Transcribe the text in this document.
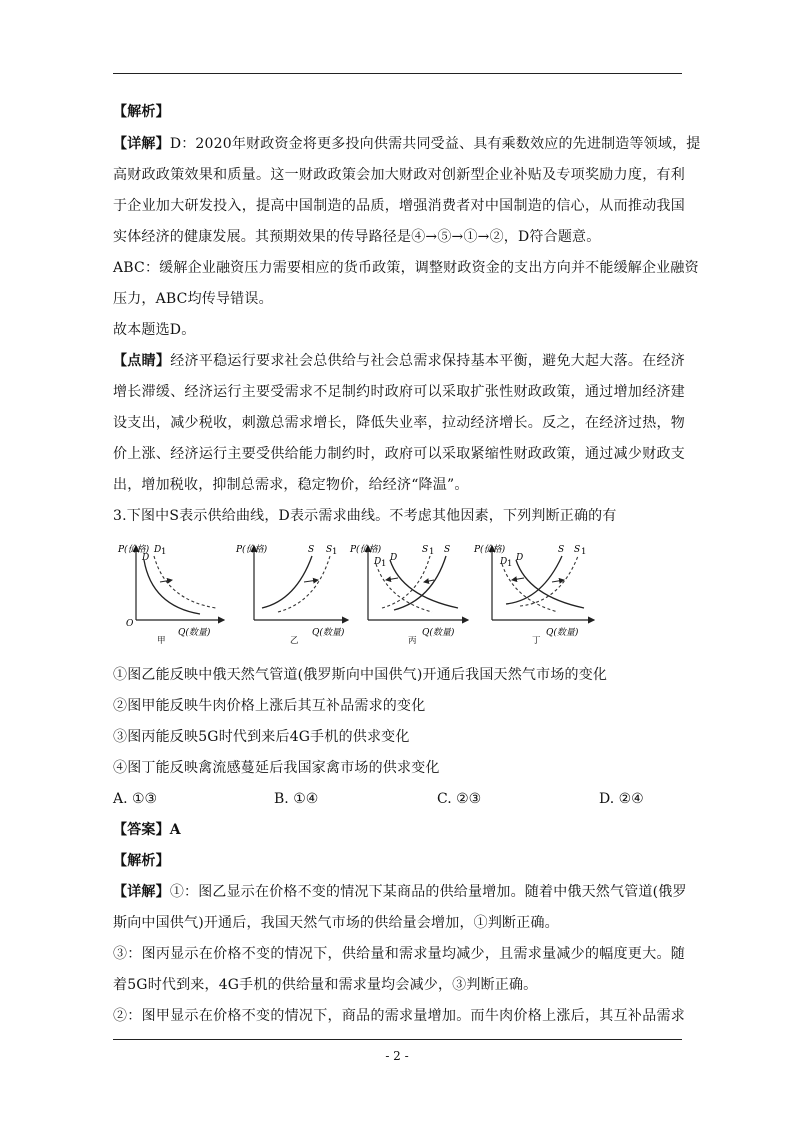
【解析】
【详解】D：2020年财政资金将更多投向供需共同受益、具有乘数效应的先进制造等领域，提
高财政政策效果和质量。这一财政政策会加大财政对创新型企业补贴及专项奖励力度，有利
于企业加大研发投入，提高中国制造的品质，增强消费者对中国制造的信心，从而推动我国
实体经济的健康发展。其预期效果的传导路径是④→⑤→①→②，D符合题意。
ABC：缓解企业融资压力需要相应的货币政策，调整财政资金的支出方向并不能缓解企业融资
压力，ABC均传导错误。
故本题选D。
【点睛】经济平稳运行要求社会总供给与社会总需求保持基本平衡，避免大起大落。在经济
增长滞缓、经济运行主要受需求不足制约时政府可以采取扩张性财政政策，通过增加经济建
设支出，减少税收，刺激总需求增长，降低失业率，拉动经济增长。反之，在经济过热，物
价上涨、经济运行主要受供给能力制约时，政府可以采取紧缩性财政政策，通过减少财政支
出，增加税收，抑制总需求，稳定物价，给经济“降温”。
3.下图中S表示供给曲线，D表示需求曲线。不考虑其他因素，下列判断正确的有
P(价格)
O
Q(数量)
甲
D
D 1	P(价格)
Q(数量)
乙
S S 1 P(价格)
Q(数量)
丙
D 1
D
S 1 S	P(价格)
Q(数量)
丁
D 1
D
S S 1
①图乙能反映中俄天然气管道(俄罗斯向中国供气)开通后我国天然气市场的变化
②图甲能反映牛肉价格上涨后其互补品需求的变化
③图丙能反映5G时代到来后4G手机的供求变化
④图丁能反映禽流感蔓延后我国家禽市场的供求变化
A. ①③	B. ①④	C. ②③	D. ②④
【答案】A
【解析】
【详解】①：图乙显示在价格不变的情况下某商品的供给量增加。随着中俄天然气管道(俄罗
斯向中国供气)开通后，我国天然气市场的供给量会增加，①判断正确。
③：图丙显示在价格不变的情况下，供给量和需求量均减少，且需求量减少的幅度更大。随
着5G时代到来，4G手机的供给量和需求量均会减少，③判断正确。
②：图甲显示在价格不变的情况下，商品的需求量增加。而牛肉价格上涨后，其互补品需求
- 2 -
